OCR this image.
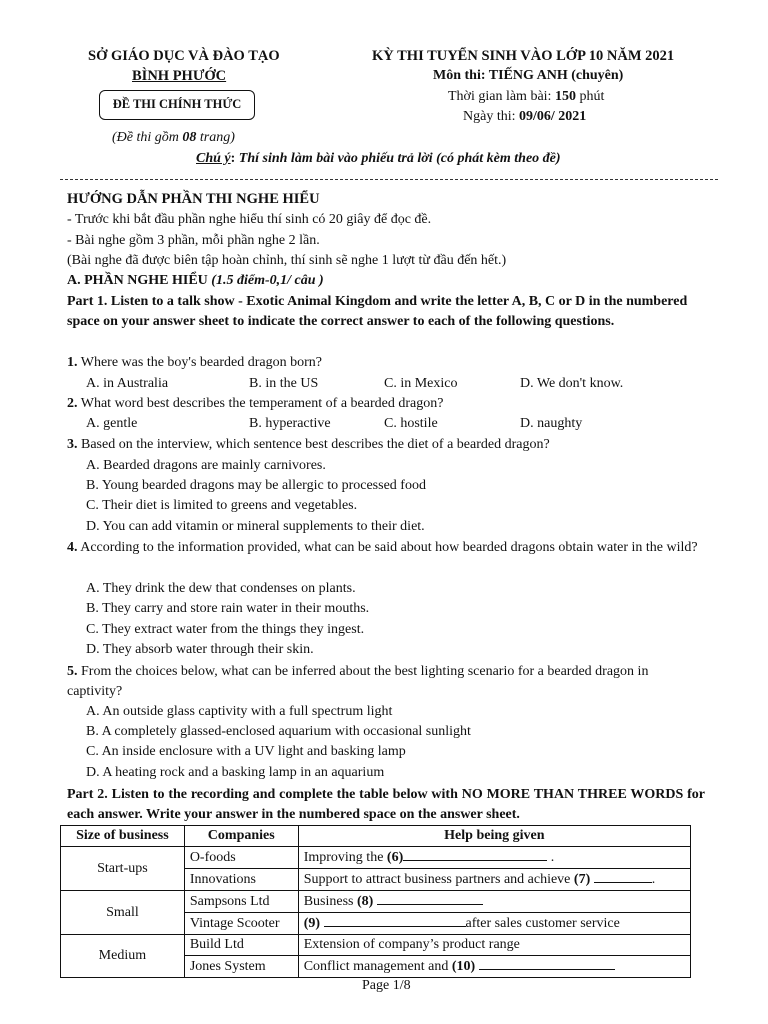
SỞ GIÁO DỤC VÀ ĐÀO TẠO
BÌNH PHƯỚC
ĐỀ THI CHÍNH THỨC
(Đề thi gồm 08 trang)
KỲ THI TUYỂN SINH VÀO LỚP 10 NĂM 2021
Môn thi: TIẾNG ANH (chuyên)
Thời gian làm bài: 150 phút
Ngày thi: 09/06/ 2021
Chú ý: Thí sinh làm bài vào phiếu trả lời (có phát kèm theo đề)
HƯỚNG DẪN PHẦN THI NGHE HIỂU
- Trước khi bắt đầu phần nghe hiểu thí sinh có 20 giây để đọc đề.
- Bài nghe gồm 3 phần, mỗi phần nghe 2 lần.
(Bài nghe đã được biên tập hoàn chỉnh, thí sinh sẽ nghe 1 lượt từ đầu đến hết.)
A. PHẦN NGHE HIỂU (1.5 điểm-0,1/ câu )
Part 1. Listen to a talk show - Exotic Animal Kingdom and write the letter A, B, C or D in the numbered space on your answer sheet to indicate the correct answer to each of the following questions.
1. Where was the boy's bearded dragon born?
A. in Australia	B. in the US	C. in Mexico	D. We don't know.
2. What word best describes the temperament of a bearded dragon?
A. gentle	B. hyperactive	C. hostile	D. naughty
3. Based on the interview, which sentence best describes the diet of a bearded dragon?
A. Bearded dragons are mainly carnivores.
B. Young bearded dragons may be allergic to processed food
C. Their diet is limited to greens and vegetables.
D. You can add vitamin or mineral supplements to their diet.
4. According to the information provided, what can be said about how bearded dragons obtain water in the wild?
A. They drink the dew that condenses on plants.
B. They carry and store rain water in their mouths.
C. They extract water from the things they ingest.
D. They absorb water through their skin.
5. From the choices below, what can be inferred about the best lighting scenario for a bearded dragon in captivity?
A. An outside glass captivity with a full spectrum light
B. A completely glassed-enclosed aquarium with occasional sunlight
C. An inside enclosure with a UV light and basking lamp
D. A heating rock and a basking lamp in an aquarium
Part 2. Listen to the recording and complete the table below with NO MORE THAN THREE WORDS for each answer. Write your answer in the numbered space on the answer sheet.
Size of business	Companies	Help being given
Start-ups	O-foods	Improving the (6) .
	Innovations	Support to attract business partners and achieve (7) .
Small	Sampsons Ltd	Business (8)
	Vintage Scooter	(9) after sales customer service
Medium	Build Ltd	Extension of company’s product range
	Jones System	Conflict management and (10)
Page 1/8
